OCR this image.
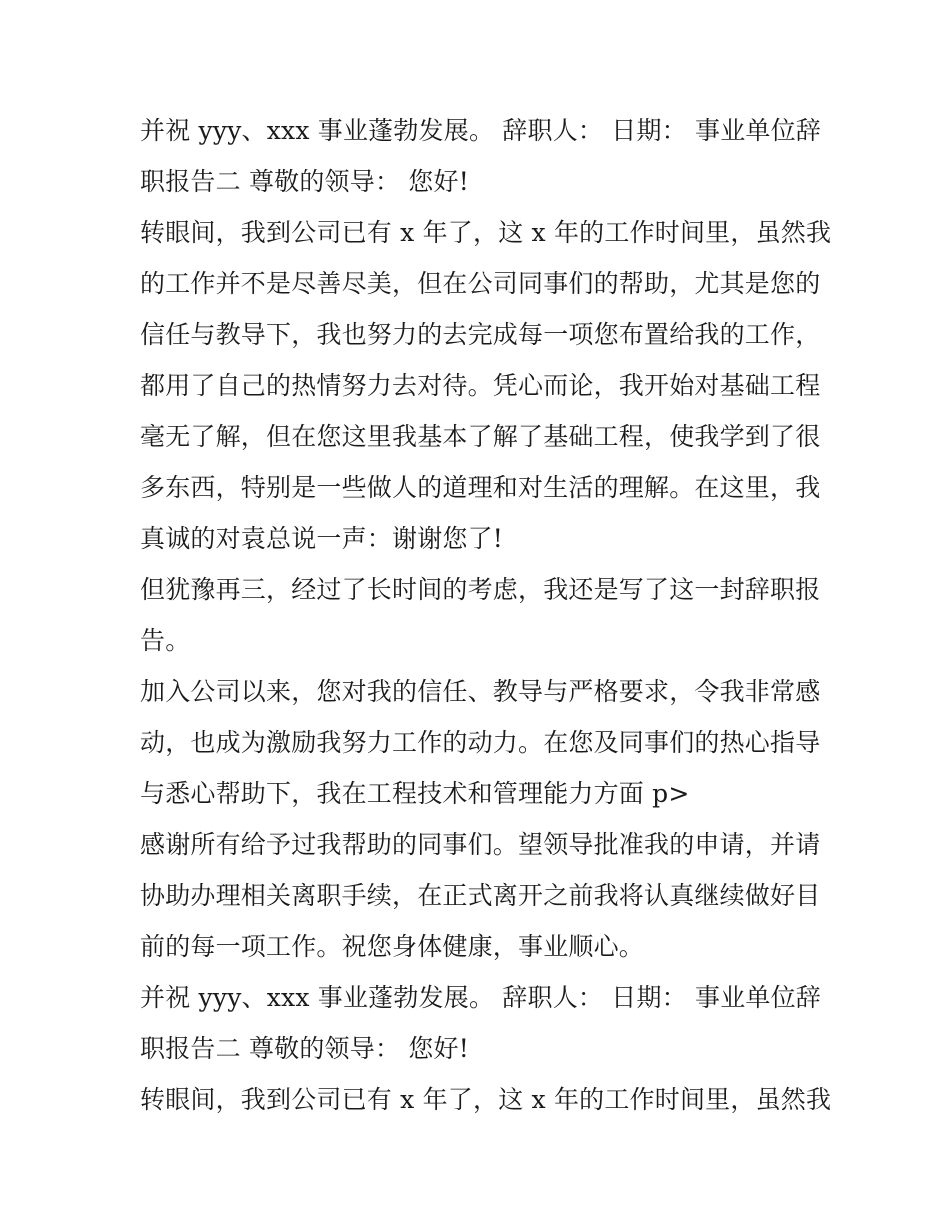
并祝 yyy、xxx 事业蓬勃发展。 辞职人： 日期： 事业单位辞
职报告二 尊敬的领导： 您好!
转眼间，我到公司已有 x 年了，这 x 年的工作时间里，虽然我
的工作并不是尽善尽美，但在公司同事们的帮助，尤其是您的
信任与教导下，我也努力的去完成每一项您布置给我的工作，
都用了自己的热情努力去对待。凭心而论，我开始对基础工程
毫无了解，但在您这里我基本了解了基础工程，使我学到了很
多东西，特别是一些做人的道理和对生活的理解。在这里，我
真诚的对袁总说一声：谢谢您了!
但犹豫再三，经过了长时间的考虑，我还是写了这一封辞职报
告。
加入公司以来，您对我的信任、教导与严格要求，令我非常感
动，也成为激励我努力工作的动力。在您及同事们的热心指导
与悉心帮助下，我在工程技术和管理能力方面 p>
感谢所有给予过我帮助的同事们。望领导批准我的申请，并请
协助办理相关离职手续，在正式离开之前我将认真继续做好目
前的每一项工作。祝您身体健康，事业顺心。
并祝 yyy、xxx 事业蓬勃发展。 辞职人： 日期： 事业单位辞
职报告二 尊敬的领导： 您好!
转眼间，我到公司已有 x 年了，这 x 年的工作时间里，虽然我
